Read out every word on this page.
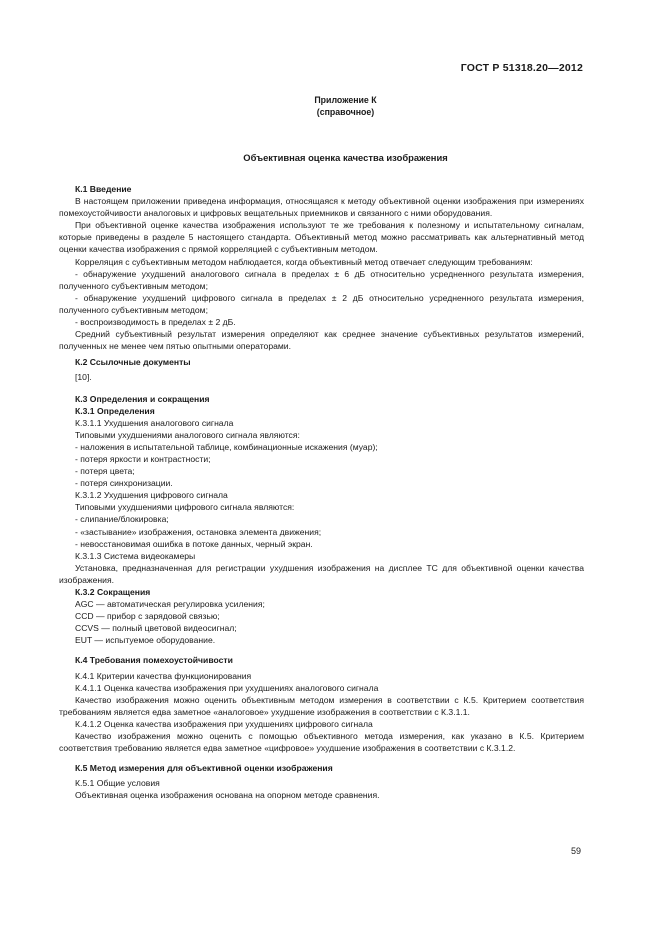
ГОСТ Р 51318.20—2012
Приложение К
(справочное)
Объективная оценка качества изображения

К.1 Введение

В настоящем приложении приведена информация, относящаяся к методу объективной оценки изображения при измерениях помехоустойчивости аналоговых и цифровых вещательных приемников и связанного с ними оборудования.

При объективной оценке качества изображения используют те же требования к полезному и испытательному сигналам, которые приведены в разделе 5 настоящего стандарта. Объективный метод можно рассматривать как альтернативный метод оценки качества изображения с прямой корреляцией с субъективным методом.

Корреляция с субъективным методом наблюдается, когда объективный метод отвечает следующим требованиям:

- обнаружение ухудшений аналогового сигнала в пределах ± 6 дБ относительно усредненного результата измерения, полученного субъективным методом;

- обнаружение ухудшений цифрового сигнала в пределах ± 2 дБ относительно усредненного результата измерения, полученного субъективным методом;

- воспроизводимость в пределах ± 2 дБ.

Средний субъективный результат измерения определяют как среднее значение субъективных результатов измерений, полученных не менее чем пятью опытными операторами.

К.2 Ссылочные документы

[10].

К.3 Определения и сокращения

К.3.1 Определения

К.3.1.1 Ухудшения аналогового сигнала

Типовыми ухудшениями аналогового сигнала являются:

- наложения в испытательной таблице, комбинационные искажения (муар);

- потеря яркости и контрастности;

- потеря цвета;

- потеря синхронизации.

К.3.1.2 Ухудшения цифрового сигнала

Типовыми ухудшениями цифрового сигнала являются:

- слипание/блокировка;

- «застывание» изображения, остановка элемента движения;

- невосстановимая ошибка в потоке данных, черный экран.

К.3.1.3 Система видеокамеры

Установка, предназначенная для регистрации ухудшения изображения на дисплее ТС для объективной оценки качества изображения.

К.3.2 Сокращения

AGC — автоматическая регулировка усиления;

CCD — прибор с зарядовой связью;

CCVS — полный цветовой видеосигнал;

EUT — испытуемое оборудование.

К.4 Требования помехоустойчивости

К.4.1 Критерии качества функционирования

К.4.1.1 Оценка качества изображения при ухудшениях аналогового сигнала

Качество изображения можно оценить объективным методом измерения в соответствии с К.5. Критерием соответствия требованиям является едва заметное «аналоговое» ухудшение изображения в соответствии с К.3.1.1.

К.4.1.2 Оценка качества изображения при ухудшениях цифрового сигнала

Качество изображения можно оценить с помощью объективного метода измерения, как указано в К.5. Критерием соответствия требованию является едва заметное «цифровое» ухудшение изображения в соответствии с К.3.1.2.

К.5 Метод измерения для объективной оценки изображения

К.5.1 Общие условия

Объективная оценка изображения основана на опорном методе сравнения.

59
